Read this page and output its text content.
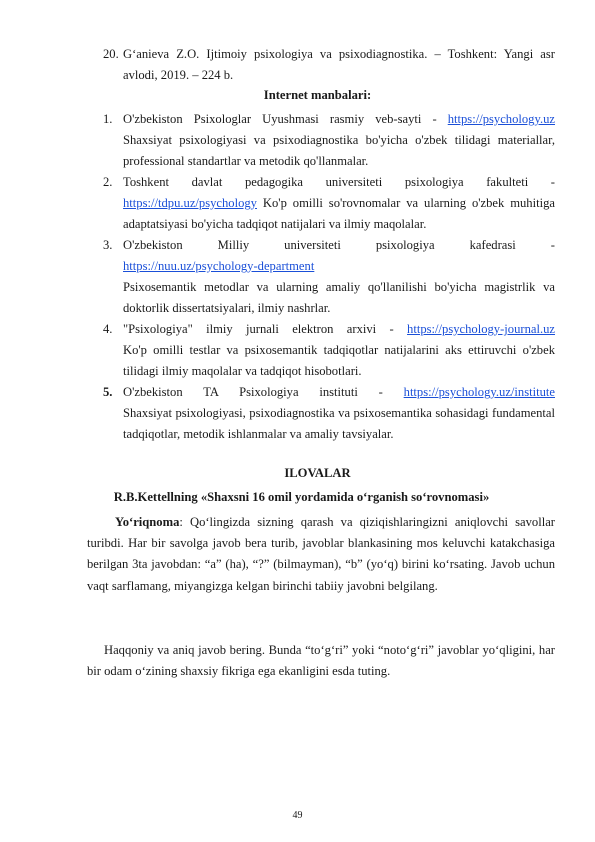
20. G‘anieva Z.O. Ijtimoiy psixologiya va psixodiagnostika. – Toshkent: Yangi asr avlodi, 2019. – 224 b.
Internet manbalari:
1. O'zbekiston Psixologlar Uyushmasi rasmiy veb-sayti - https://psychology.uz
Shaxsiyat psixologiyasi va psixodiagnostika bo'yicha o'zbek tilidagi materiallar, professional standartlar va metodik qo'llanmalar.
2. Toshkent davlat pedagogika universiteti psixologiya fakulteti -
https://tdpu.uz/psychology Ko'p omilli so'rovnomalar va ularning o'zbek muhitiga adaptatsiyasi bo'yicha tadqiqot natijalari va ilmiy maqolalar.
3. O'zbekiston Milliy universiteti psixologiya kafedrasi -
https://nuu.uz/psychology-department
Psixosemantik metodlar va ularning amaliy qo'llanilishi bo'yicha magistrlik va doktorlik dissertatsiyalari, ilmiy nashrlar.
4. "Psixologiya" ilmiy jurnali elektron arxivi - https://psychology-journal.uz
Ko'p omilli testlar va psixosemantik tadqiqotlar natijalarini aks ettiruvchi o'zbek tilidagi ilmiy maqolalar va tadqiqot hisobotlari.
5. O'zbekiston TA Psixologiya instituti - https://psychology.uz/institute
Shaxsiyat psixologiyasi, psixodiagnostika va psixosemantika sohasidagi fundamental tadqiqotlar, metodik ishlanmalar va amaliy tavsiyalar.
ILOVALAR
R.B.Kettellning «Shaxsni 16 omil yordamida o‘rganish so‘rovnomasi»
Yo‘riqnoma: Qo‘lingizda sizning qarash va qiziqishlaringizni aniqlovchi savollar turibdi. Har bir savolga javob bera turib, javoblar blankasining mos keluvchi katakchasiga berilgan 3ta javobdan: “a” (ha), “?” (bilmayman), “b” (yo‘q) birini ko‘rsating. Javob uchun vaqt sarflamang, miyangizga kelgan birinchi tabiiy javobni belgilang.
Haqqoniy va aniq javob bering. Bunda “to‘g‘ri” yoki “noto‘g‘ri” javoblar yo‘qligini, har bir odam o‘zining shaxsiy fikriga ega ekanligini esda tuting.
49
